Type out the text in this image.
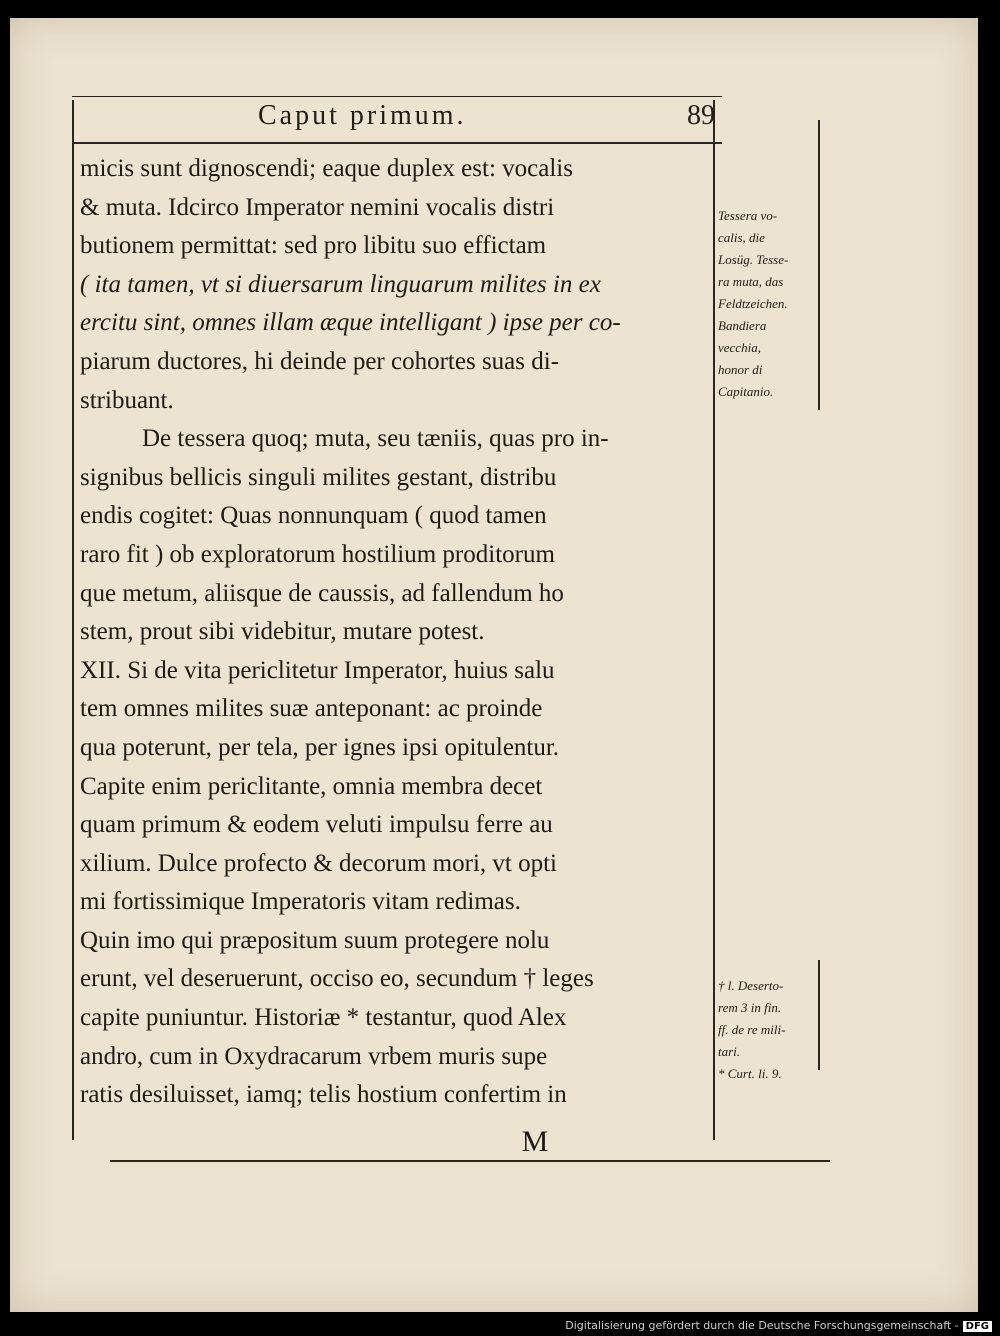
Caput primum.	89
micis sunt dignoscendi; eaque duplex est: vocalis
& muta. Idcirco Imperator nemini vocalis distri
butionem permittat: sed pro libitu suo effictam
( ita tamen, vt si diuersarum linguarum milites in ex
ercitu sint, omnes illam æque intelligant ) ipse per co-
piarum ductores, hi deinde per cohortes suas di-
stribuant.
De tessera quoq; muta, seu tæniis, quas pro in-
signibus bellicis singuli milites gestant, distribu
endis cogitet: Quas nonnunquam ( quod tamen
raro fit ) ob exploratorum hostilium proditorum
que metum, aliisque de caussis, ad fallendum ho
stem, prout sibi videbitur, mutare potest.
XII. Si de vita periclitetur Imperator, huius salu
tem omnes milites suæ anteponant: ac proinde
qua poterunt, per tela, per ignes ipsi opitulentur.
Capite enim periclitante, omnia membra decet
quam primum & eodem veluti impulsu ferre au
xilium. Dulce profecto & decorum mori, vt opti
mi fortissimique Imperatoris vitam redimas.
Quin imo qui præpositum suum protegere nolu
erunt, vel deseruerunt, occiso eo, secundum † leges
capite puniuntur. Historiæ * testantur, quod Alex
andro, cum in Oxydracarum vrbem muris supe
ratis desiluisset, iamq; telis hostium confertim in
Tessera vo-
calis, die
Losüg. Tesse-
ra muta, das
Feldtzeichen.
Bandiera
vecchia,
honor di
Capitanio.
† l. Deserto-
rem 3 in fin.
ff. de re mili-
tari.
* Curt. li. 9.
M
Digitalisierung gefördert durch die Deutsche Forschungsgemeinschaft - DFG
